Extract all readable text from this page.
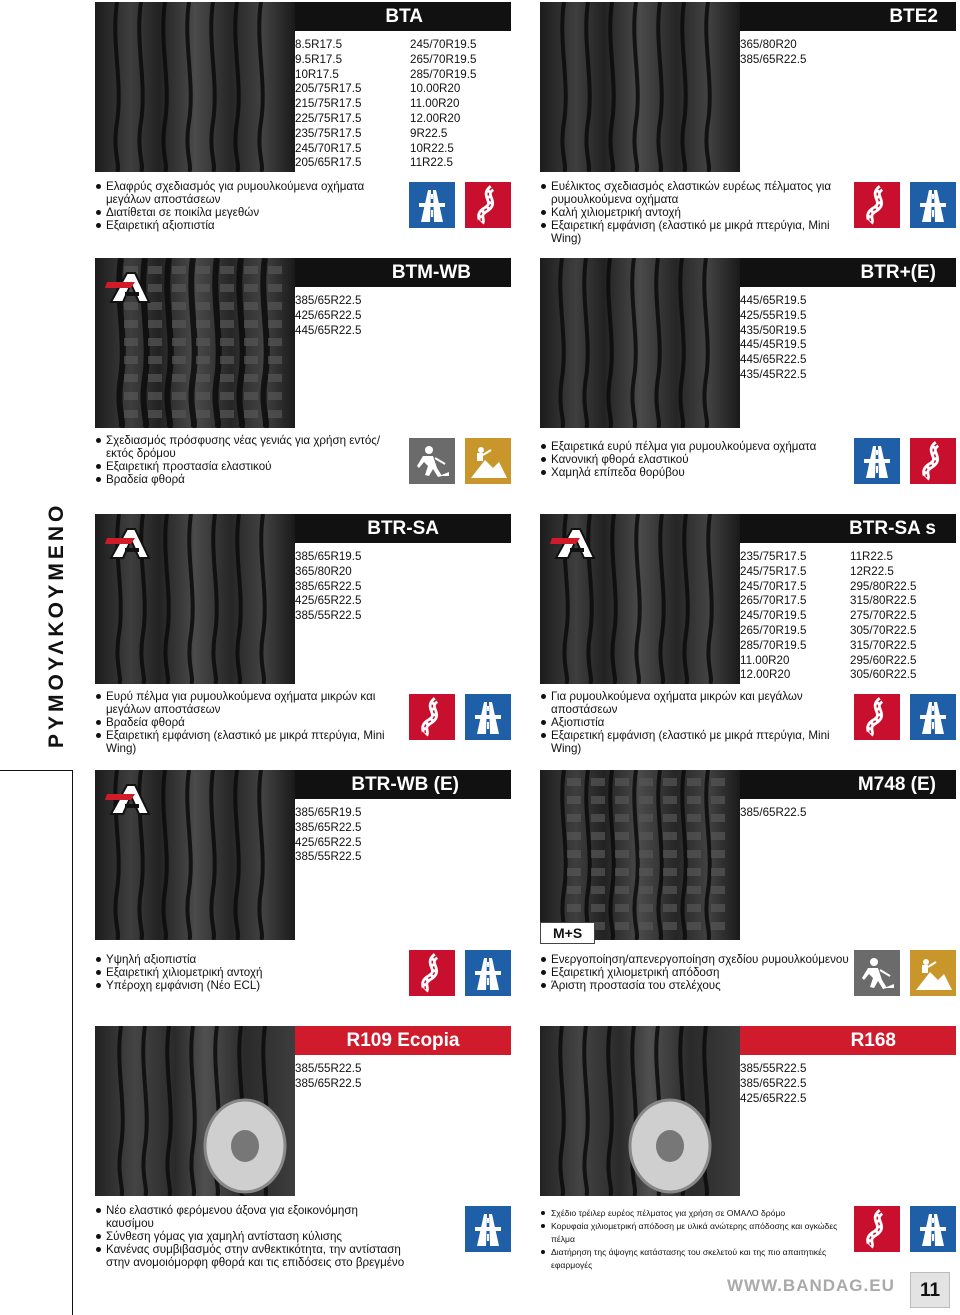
BTA
8.5R17.5
9.5R17.5
10R17.5
205/75R17.5
215/75R17.5
225/75R17.5
235/75R17.5
245/70R17.5
205/65R17.5
245/70R19.5
265/70R19.5
285/70R19.5
10.00R20
11.00R20
12.00R20
9R22.5
10R22.5
11R22.5
Ελαφρύς σχεδιασμός για ρυμουλκούμενα οχήματα μεγάλων αποστάσεων
Διατίθεται σε ποικίλα μεγεθών
Εξαιρετική αξιοπιστία
BTE2
365/80R20
385/65R22.5
Ευέλικτος σχεδιασμός ελαστικών ευρέως πέλματος για ρυμουλκούμενα οχήματα
Καλή χιλιομετρική αντοχή
Εξαιρετική εμφάνιση (ελαστικό με μικρά πτερύγια, Mini Wing)
BTM-WB
385/65R22.5
425/65R22.5
445/65R22.5
Σχεδιασμός πρόσφυσης νέας γενιάς για χρήση εντός/εκτός δρόμου
Εξαιρετική προστασία ελαστικού
Βραδεία φθορά
BTR+(E)
445/65R19.5
425/55R19.5
435/50R19.5
445/45R19.5
445/65R22.5
435/45R22.5
Εξαιρετικά ευρύ πέλμα για ρυμουλκούμενα οχήματα
Κανονική φθορά ελαστικού
Χαμηλά επίπεδα θορύβου
BTR-SA
385/65R19.5
365/80R20
385/65R22.5
425/65R22.5
385/55R22.5
Ευρύ πέλμα για ρυμουλκούμενα οχήματα μικρών και μεγάλων αποστάσεων
Βραδεία φθορά
Εξαιρετική εμφάνιση (ελαστικό με μικρά πτερύγια, Mini Wing)
BTR-SA s
235/75R17.5
245/75R17.5
245/70R17.5
265/70R17.5
245/70R19.5
265/70R19.5
285/70R19.5
11.00R20
12.00R20
11R22.5
12R22.5
295/80R22.5
315/80R22.5
275/70R22.5
305/70R22.5
315/70R22.5
295/60R22.5
305/60R22.5
Για ρυμουλκούμενα οχήματα μικρών και μεγάλων αποστάσεων
Αξιοπιστία
Εξαιρετική εμφάνιση (ελαστικό με μικρά πτερύγια, Mini Wing)
BTR-WB (E)
385/65R19.5
385/65R22.5
425/65R22.5
385/55R22.5
Υψηλή αξιοπιστία
Εξαιρετική χιλιομετρική αντοχή
Υπέροχη εμφάνιση (Νέο ECL)
M748 (E)
385/65R22.5
M+S
Ενεργοποίηση/απενεργοποίηση σχεδίου ρυμουλκούμενου
Εξαιρετική χιλιομετρική απόδοση
Άριστη προστασία του στελέχους
R109 Ecopia
385/55R22.5
385/65R22.5
Νέο ελαστικό φερόμενου άξονα για εξοικονόμηση καυσίμου
Σύνθεση γόμας για χαμηλή αντίσταση κύλισης
Κανένας συμβιβασμός στην ανθεκτικότητα, την αντίσταση στην ανομοιόμορφη φθορά και τις επιδόσεις στο βρεγμένο
R168
385/55R22.5
385/65R22.5
425/65R22.5
Σχέδιο τρέιλερ ευρέος πέλματος για χρήση σε ΟΜΑΛΟ δρόμο
Κορυφαία χιλιομετρική απόδοση με υλικά ανώτερης απόδοσης και ογκώδες πέλμα
Διατήρηση της άψογης κατάστασης του σκελετού και της πιο απαιτητικές εφαρμογές
ΡΥΜΟΥΛΚΟΥΜΕΝΟ
WWW.BANDAG.EU	11
